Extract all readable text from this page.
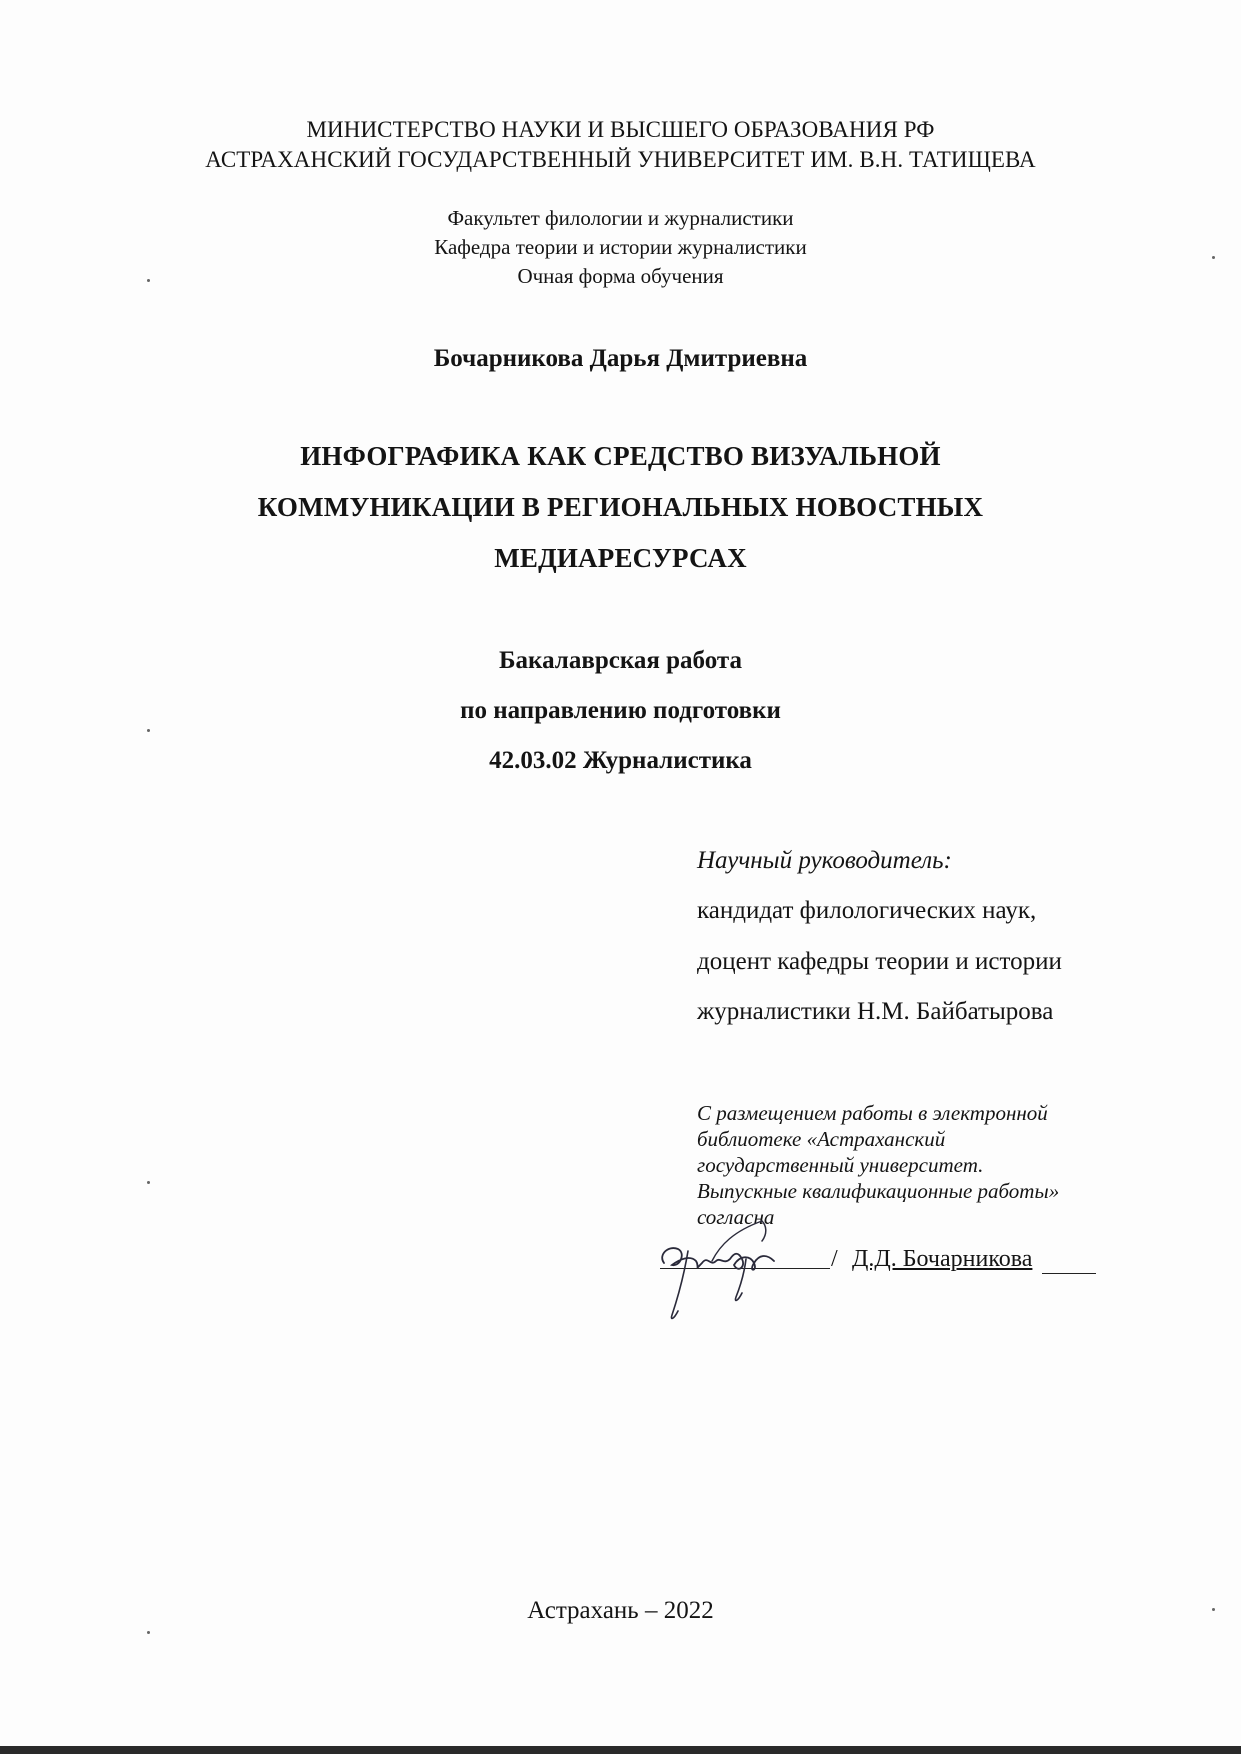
МИНИСТЕРСТВО НАУКИ И ВЫСШЕГО ОБРАЗОВАНИЯ РФ
АСТРАХАНСКИЙ ГОСУДАРСТВЕННЫЙ УНИВЕРСИТЕТ ИМ. В.Н. ТАТИЩЕВА
Факультет филологии и журналистики
Кафедра теории и истории журналистики
Очная форма обучения
Бочарникова Дарья Дмитриевна
ИНФОГРАФИКА КАК СРЕДСТВО ВИЗУАЛЬНОЙ
КОММУНИКАЦИИ В РЕГИОНАЛЬНЫХ НОВОСТНЫХ
МЕДИАРЕСУРСАХ
Бакалаврская работа
по направлению подготовки
42.03.02 Журналистика
Научный руководитель:
кандидат филологических наук,
доцент кафедры теории и истории
журналистики Н.М. Байбатырова
С размещением работы в электронной
библиотеке «Астраханский
государственный университет.
Выпускные квалификационные работы»
согласна
/ Д.Д. Бочарникова
Астрахань – 2022
